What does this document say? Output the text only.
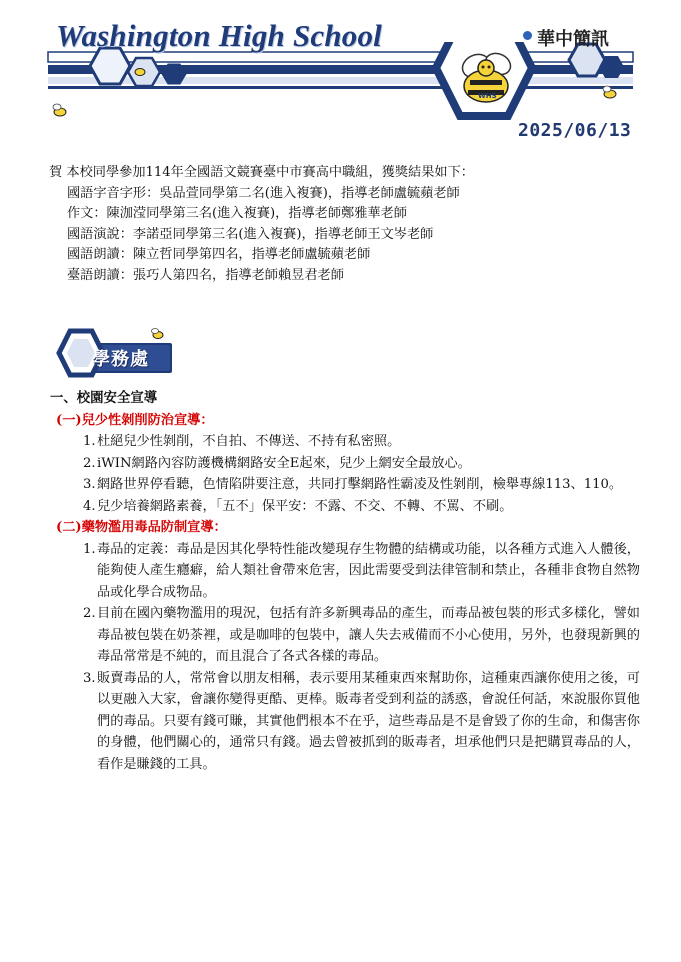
Washington High School	華中簡訊
WHS
2025/06/13
賀 本校同學參加114年全國語文競賽臺中市賽高中職組，獲獎結果如下：
國語字音字形：吳品萱同學第二名(進入複賽)，指導老師盧毓蘋老師
作文：陳泇滢同學第三名(進入複賽)，指導老師鄭雅華老師
國語演說：李諾亞同學第三名(進入複賽)，指導老師王文岑老師
國語朗讀：陳立哲同學第四名，指導老師盧毓蘋老師
臺語朗讀：張巧人第四名，指導老師賴昱君老師
學務處
一、校園安全宣導
(一)兒少性剝削防治宣導：
1. 杜絕兒少性剝削，不自拍、不傳送、不持有私密照。
2. iWIN網路內容防護機構網路安全E起來，兒少上網安全最放心。
3. 網路世界停看聽，色情陷阱要注意，共同打擊網路性霸凌及性剝削，檢舉專線113、110。
4. 兒少培養網路素養，「五不」保平安：不露、不交、不轉、不罵、不刷。
(二)藥物濫用毒品防制宣導：
1. 毒品的定義：毒品是因其化學特性能改變現存生物體的結構或功能，以各種方式進入人體後，能夠使人產生癮癖，給人類社會帶來危害，因此需要受到法律管制和禁止，各種非食物自然物品或化學合成物品。
2. 目前在國內藥物濫用的現況，包括有許多新興毒品的產生，而毒品被包裝的形式多樣化，譬如毒品被包裝在奶茶裡，或是咖啡的包裝中，讓人失去戒備而不小心使用，另外，也發現新興的毒品常常是不純的，而且混合了各式各樣的毒品。
3. 販賣毒品的人，常常會以朋友相稱，表示要用某種東西來幫助你，這種東西讓你使用之後，可以更融入大家，會讓你變得更酷、更棒。販毒者受到利益的誘惑，會說任何話，來說服你買他們的毒品。只要有錢可賺，其實他們根本不在乎，這些毒品是不是會毀了你的生命，和傷害你的身體，他們關心的，通常只有錢。過去曾被抓到的販毒者，坦承他們只是把購買毒品的人，看作是賺錢的工具。
